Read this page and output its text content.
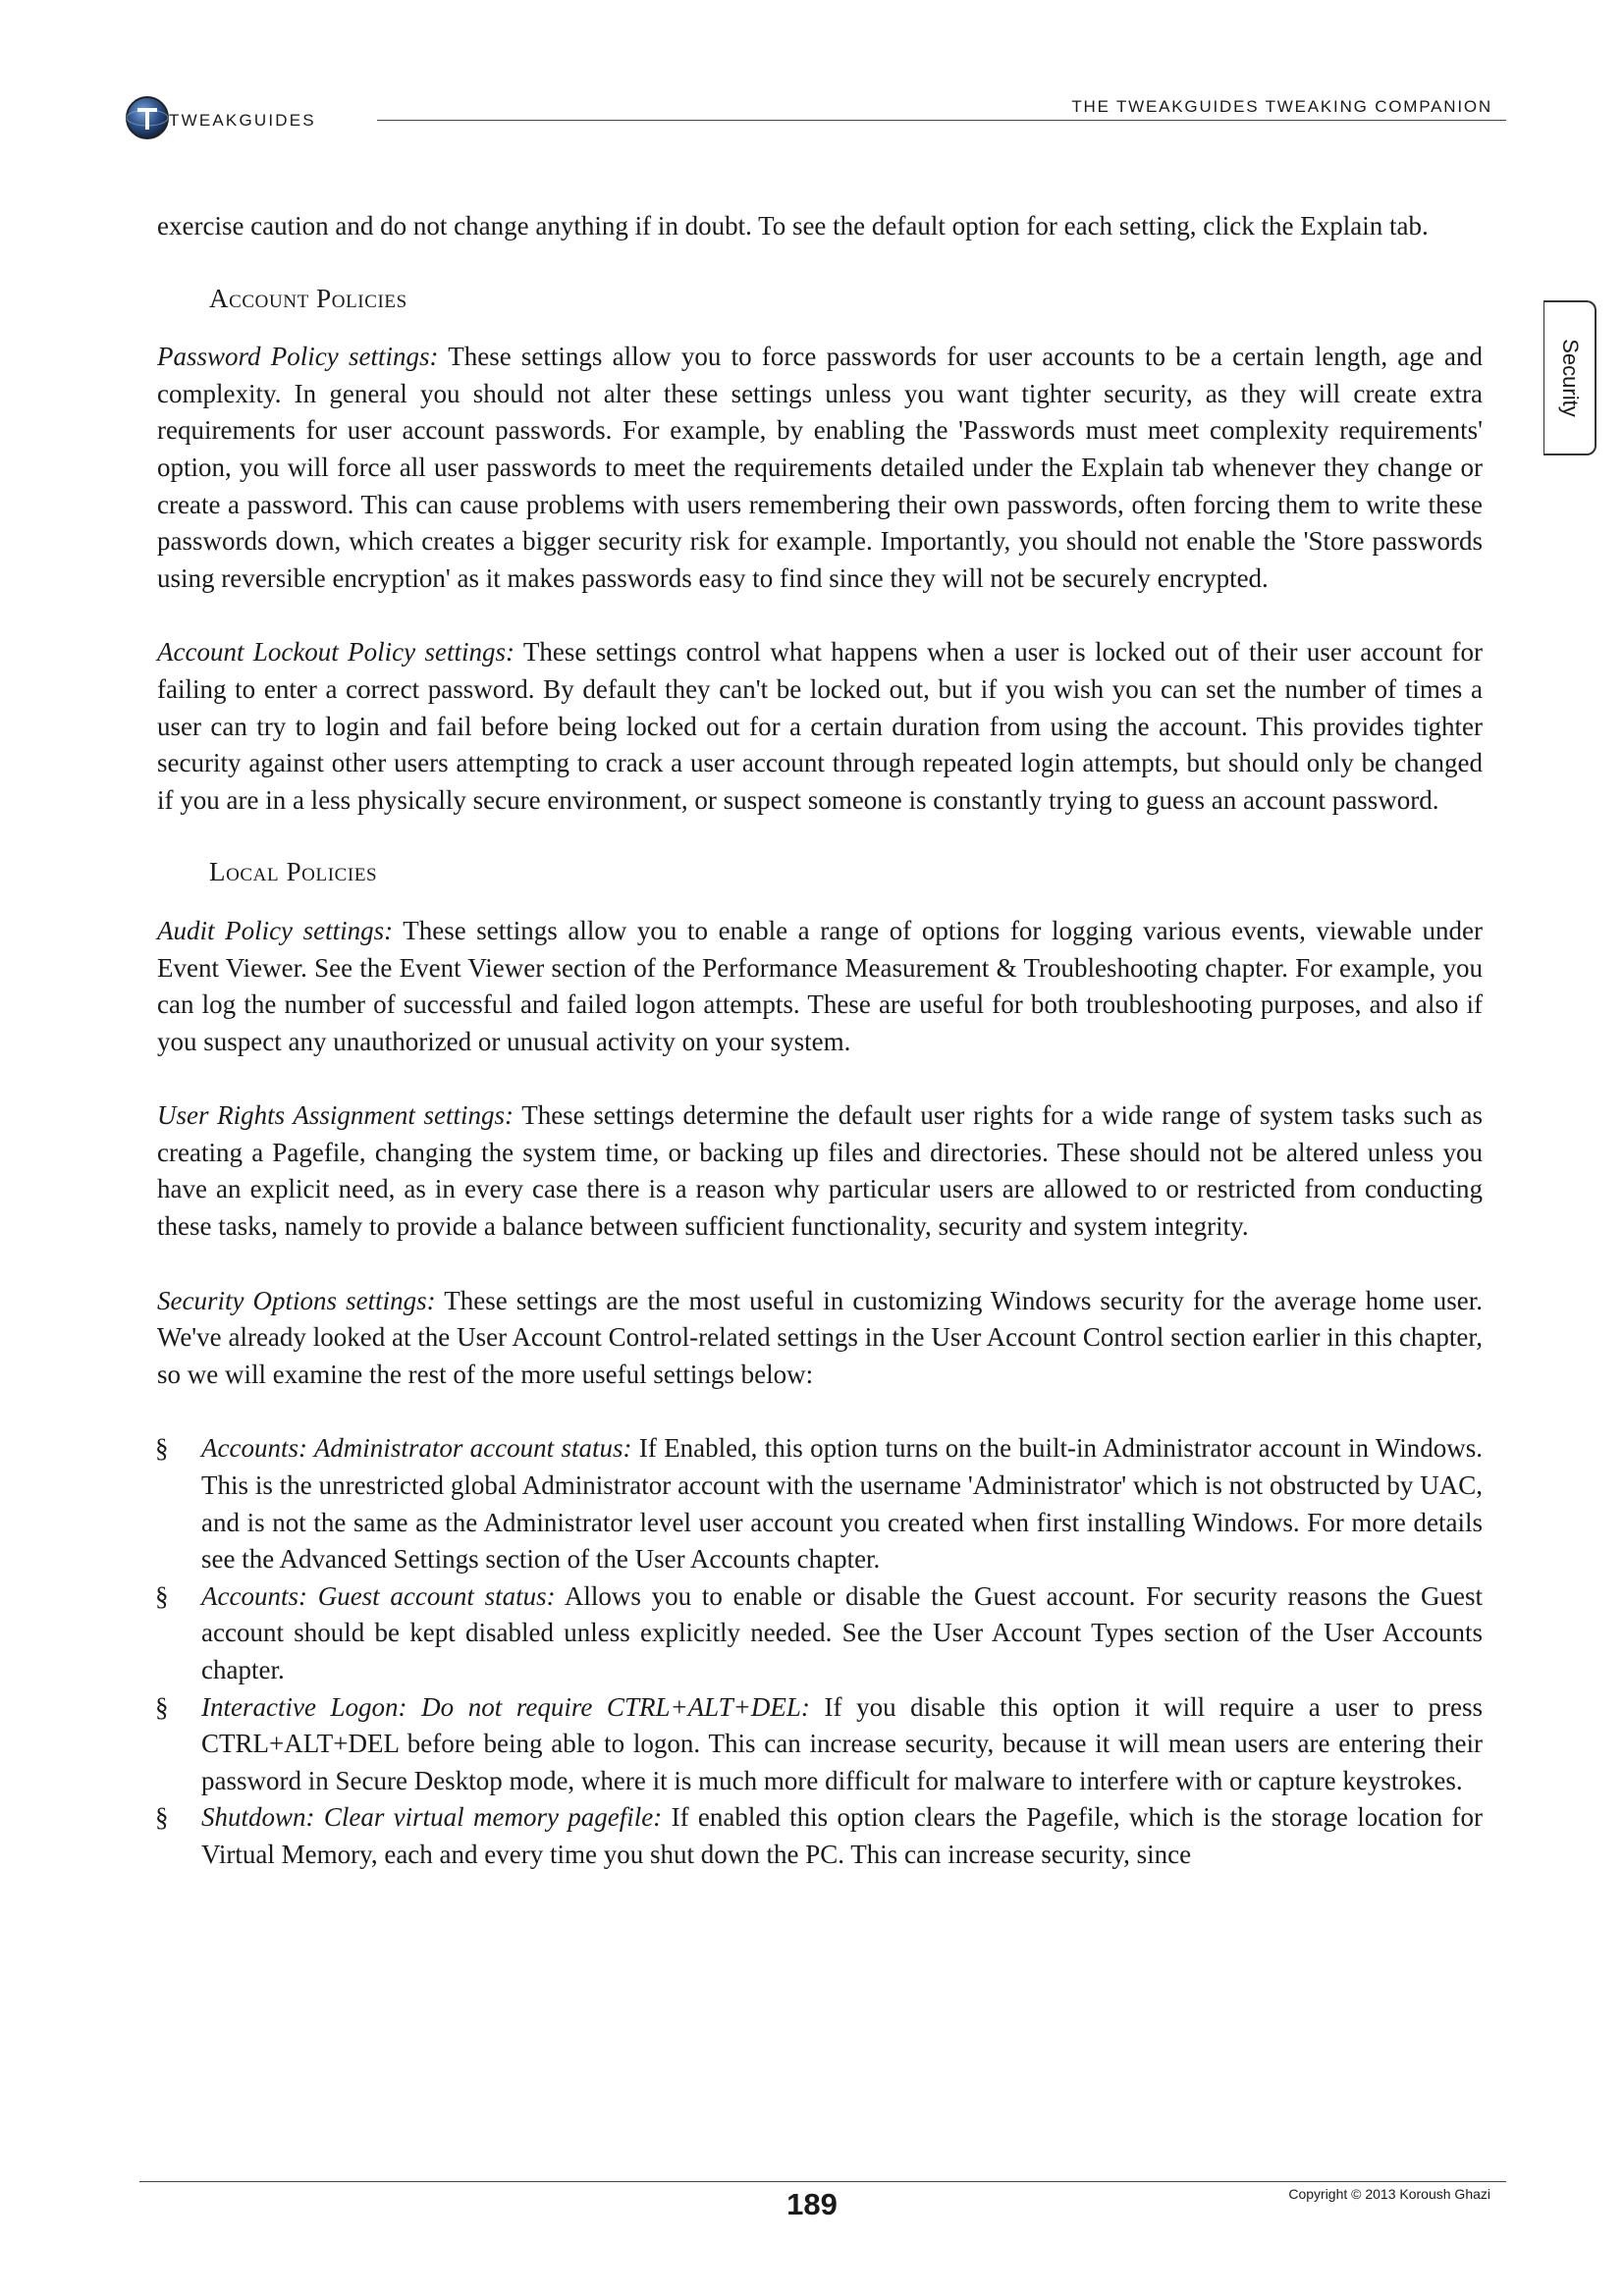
TWEAKGUIDES
THE TWEAKGUIDES TWEAKING COMPANION
Security

exercise caution and do not change anything if in doubt. To see the default option for each setting, click the Explain tab.

Account Policies

Password Policy settings: These settings allow you to force passwords for user accounts to be a certain length, age and complexity. In general you should not alter these settings unless you want tighter security, as they will create extra requirements for user account passwords. For example, by enabling the 'Passwords must meet complexity requirements' option, you will force all user passwords to meet the requirements detailed under the Explain tab whenever they change or create a password. This can cause problems with users remembering their own passwords, often forcing them to write these passwords down, which creates a bigger security risk for example. Importantly, you should not enable the 'Store passwords using reversible encryption' as it makes passwords easy to find since they will not be securely encrypted.

Account Lockout Policy settings: These settings control what happens when a user is locked out of their user account for failing to enter a correct password. By default they can't be locked out, but if you wish you can set the number of times a user can try to login and fail before being locked out for a certain duration from using the account. This provides tighter security against other users attempting to crack a user account through repeated login attempts, but should only be changed if you are in a less physically secure environment, or suspect someone is constantly trying to guess an account password.

Local Policies

Audit Policy settings: These settings allow you to enable a range of options for logging various events, viewable under Event Viewer. See the Event Viewer section of the Performance Measurement & Troubleshooting chapter. For example, you can log the number of successful and failed logon attempts. These are useful for both troubleshooting purposes, and also if you suspect any unauthorized or unusual activity on your system.

User Rights Assignment settings: These settings determine the default user rights for a wide range of system tasks such as creating a Pagefile, changing the system time, or backing up files and directories. These should not be altered unless you have an explicit need, as in every case there is a reason why particular users are allowed to or restricted from conducting these tasks, namely to provide a balance between sufficient functionality, security and system integrity.

Security Options settings: These settings are the most useful in customizing Windows security for the average home user. We've already looked at the User Account Control-related settings in the User Account Control section earlier in this chapter, so we will examine the rest of the more useful settings below:

§ Accounts: Administrator account status: If Enabled, this option turns on the built-in Administrator account in Windows. This is the unrestricted global Administrator account with the username 'Administrator' which is not obstructed by UAC, and is not the same as the Administrator level user account you created when first installing Windows. For more details see the Advanced Settings section of the User Accounts chapter.
§ Accounts: Guest account status: Allows you to enable or disable the Guest account. For security reasons the Guest account should be kept disabled unless explicitly needed. See the User Account Types section of the User Accounts chapter.
§ Interactive Logon: Do not require CTRL+ALT+DEL: If you disable this option it will require a user to press CTRL+ALT+DEL before being able to logon. This can increase security, because it will mean users are entering their password in Secure Desktop mode, where it is much more difficult for malware to interfere with or capture keystrokes.
§ Shutdown: Clear virtual memory pagefile: If enabled this option clears the Pagefile, which is the storage location for Virtual Memory, each and every time you shut down the PC. This can increase security, since
189	Copyright © 2013 Koroush Ghazi
